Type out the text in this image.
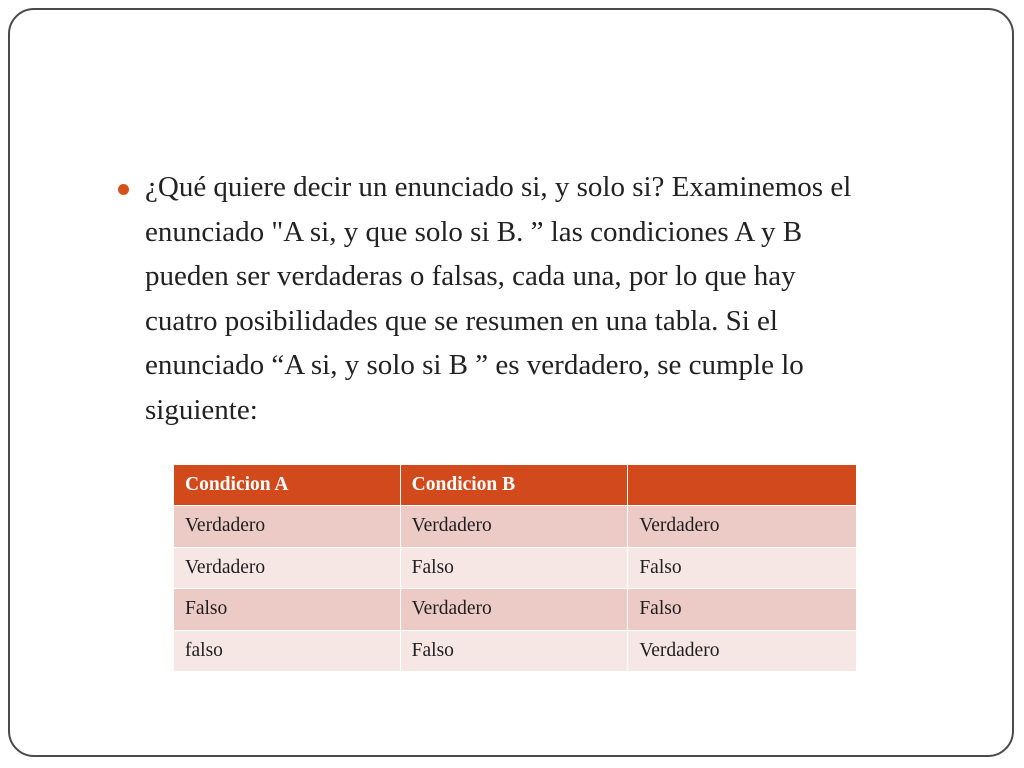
¿Qué quiere decir un enunciado si, y solo si? Examinemos el
enunciado "A si, y que solo si B. ” las condiciones A y B
pueden ser verdaderas o falsas, cada una, por lo que hay
cuatro posibilidades que se resumen en una tabla. Si el
enunciado “A si, y solo si B ” es verdadero, se cumple lo
siguiente:
Condicion A	Condicion B	
Verdadero	Verdadero	Verdadero
Verdadero	Falso	Falso
Falso	Verdadero	Falso
falso	Falso	Verdadero
